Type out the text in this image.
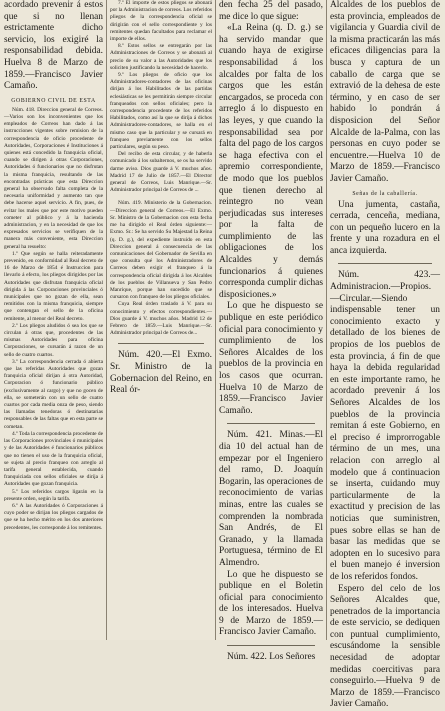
acordado prevenir á estos que si no llenan estrictamente dicho servicio, los exigiré la responsabilidad debida. Huelva 8 de Marzo de 1859.—Francisco Javier Camaño.

GOBIERNO CIVIL DE ESTA

Núm. 418. Direccion general de Correos.—Varios son los inconvenientes que los empleados de Correos han dado á las instrucciones vigentes sobre remision de la correspondencia de oficio procedente de Autoridades, Corporaciones é Instituciones á quienes está concedido la franquicia oficial, cuando se dirigen á otras Corporaciones, Autoridades ó funcionarios que no disfrutan la misma franquicia, resultando de las encontradas prácticas que esta Direccion general ha observado falta completa de la necesaria uniformidad y aumento tan que debe hacerse aquel servicio. A fin, pues, de evitar los males que por este motivo pueden cometer al público y á la hacienda administracion, y en la necesidad de que los expresados servicios se verifiquen de la manera más conveniente, esta Direccion general ha resuelto:

1.º Que según se halla reiteradamente prevenido, en conformidad al Real decreto de 16 de Marzo de 1854 é Instruccion para llevarlo á efecto, los pliegos dirigidos por las Autoridades que disfrutan franquicia oficial dirigida á las Corporaciones provinciales ó municipales que no gozan de ella, sean remitidos con la misma franquicia, siempre que contengan el sello de la oficina remitente, al menor del Real decreto.

2.º Los pliegos aludidos ó sea los que se circulan á otras que, procedentes de las mismas Autoridades para oficina Corporaciones, se cursarán á razon de un sello de cuatro cuartos.

3.º La correspondencia cerrada ó abierta que las referidas Autoridades que gozan franquicia oficial dirijan á otra Autoridad, Corporacion ó funcionario público (exclusivamente al cargo) y que no gocen de ella, se someterán con un sello de cuatro cuartos por cada media onza de peso, siendo las llamadas tenedoras ó destinatarias responsables de las faltas que en esta parte se cometan.

4.º Toda la correspondencia procedente de las Corporaciones provinciales ó municipales y de las Autoridades é funcionarios públicos que no tienen el uso de la franquicia oficial, se sujeta al precio franqueo con arreglo al tarifa general establecida, cuando franquiciada con sellos oficiales se dirija á Autoridades que gozan franquicia.

5.º Los referidos cargos ligarán en la presente orden, según la tarifa.

6.º A las Autoridades ó Corporaciones á cuyo poder se dirijan los pliegos cargados de que se ha hecho mérito en los dos anteriores precedentes, les corresponde á los remitentes.

7.º El importe de estos pliegos se abonará por la Administracion de correos. Los referidos pliegos de la correspondencia oficial se dirigirán con el sello correspondiente y los remitentes quedan facultados para reclamar el importe de ellos.

8.º Estos sellos se entregarán por las Administraciones de Correos y se abonará al precio de su valor a las Autoridades que los soliciten justificando la necesidad de hacerlo.

9.º Los pliegos de oficio que los Administradores-contadores de las oficinas dirijan á los Habilitados de las partidas eclesiásticas se les permitirán siempre circular franqueados con sellos oficiales; pero la correspondencia procedente de los referidos Habilitados, como así la que se dirija á dichos Administradores-contadores, se halla en el mismo caso que la particular y se cursará en franqueo previamente con los sellos particulares, según su peso.

Del recibo de esta circular, y de haberla comunicado á los subalternos, se os ha servido darme aviso. Dios guarde á V. muchos años. Madrid 17 de Julio de 1857.—El Director general de Correos, Luis Manrique.—Sr. Administrador principal de Correos de ...

Núm. 419. Ministerio de la Gobernacion.—Direccion general de Correos.—El Exmo. Sr. Ministro de la Gobernacion con esta fecha me ha dirigido el Real órden siguiente:—Exmo. Sr.: Se ha servido Su Majestad la Reina (q. D. g.), del expediente instruido en esta Direccion general á consecuencia de las comunicaciones del Gobernador de Sevilla en que consulta qué los Administradores de Correos deben exigir el franqueo á la correspondencia oficial dirigida á los Alcaldes de los pueblos de Villanueva y San Pedro Manrique, porque han sucedido que se cursaron con franqueo de los pliegos oficiales.

Cuya Real órden traslado á V. para su conocimiento y efectos correspondientes.—Dios guarde á V. muchos años. Madrid 12 de Febrero de 1859.—Luis Manrique.—Sr. Administrador principal de Correos de...

Núm. 420.—El Exmo. Sr. Ministro de la Gobernacion del Reino, en Real ór-

den fecha 25 del pasado, me dice lo que sigue:

«La Reina (q. D. g.) se ha servido mandar que cuando haya de exigirse responsabilidad á los alcaldes por falta de los cargos que les están encargados, se proceda con arreglo á lo dispuesto en las leyes, y que cuando la responsabilidad sea por falta del pago de los cargos se haga efectiva con el apremio correspondiente, de modo que los pueblos que tienen derecho al reintegro no vean perjudicadas sus intereses por la falta de cumplimiento de las obligaciones de los Alcaldes y demás funcionarios á quienes corresponda cumplir dichas disposiciones.»

Lo que he dispuesto se publique en este periódico oficial para conocimiento y cumplimiento de los Señores Alcaldes de los pueblos de la provincia en los casos que ocurran. Huelva 10 de Marzo de 1859.—Francisco Javier Camaño.

Núm. 421. Minas.—El dia 10 del actual han de empezar por el Ingeniero del ramo, D. Joaquín Bogarin, las operaciones de reconocimiento de varias minas, entre las cuales se comprenden la nombrada San Andrés, de El Granado, y la llamada Portuguesa, término de El Almendro.

Lo que he dispuesto se publique en el Boletin oficial para conocimiento de los interesados. Huelva 9 de Marzo de 1859.—Francisco Javier Camaño.

Núm. 422. Los Señores

Alcaldes de los pueblos de esta provincia, empleados de vigilancia y Guardia civil de la misma practicarán las más eficaces diligencias para la busca y captura de un caballo de carga que se extravió de la dehesa de este término, y en caso de ser habido lo pondrán á disposicion del Señor Alcalde de la-Palma, con las personas en cuyo poder se encuentre.—Huelva 10 de Marzo de 1859.—Francisco Javier Camaño.

Señas de la caballería.

Una jumenta, castaña, cerrada, cenceña, mediana, con un pequeño lucero en la frente y una rozadura en el anca izquierda.

Núm. 423.—Administracion.—Propios.—Circular.—Siendo indispensable tener un conocimiento exacto y detallado de los bienes de propios de los pueblos de esta provincia, á fin de que haya la debida regularidad en este importante ramo, he acordado prevenir á los Señores Alcaldes de los pueblos de la provincia remitan á este Gobierno, en el preciso é improrrogable término de un mes, una relacion con arreglo al modelo que á continuacion se inserta, cuidando muy particularmente de la exactitud y precision de las noticias que suministren, pues sobre ellas se han de basar las medidas que se adopten en lo sucesivo para el buen manejo é inversion de los referidos fondos.

Espero del celo de los Señores Alcaldes que, penetrados de la importancia de este servicio, se dediquen con puntual cumplimiento, escusándome la sensible necesidad de adoptar medidas coercitivas para conseguirlo.—Huelva 9 de Marzo de 1859.—Francisco Javier Camaño.
